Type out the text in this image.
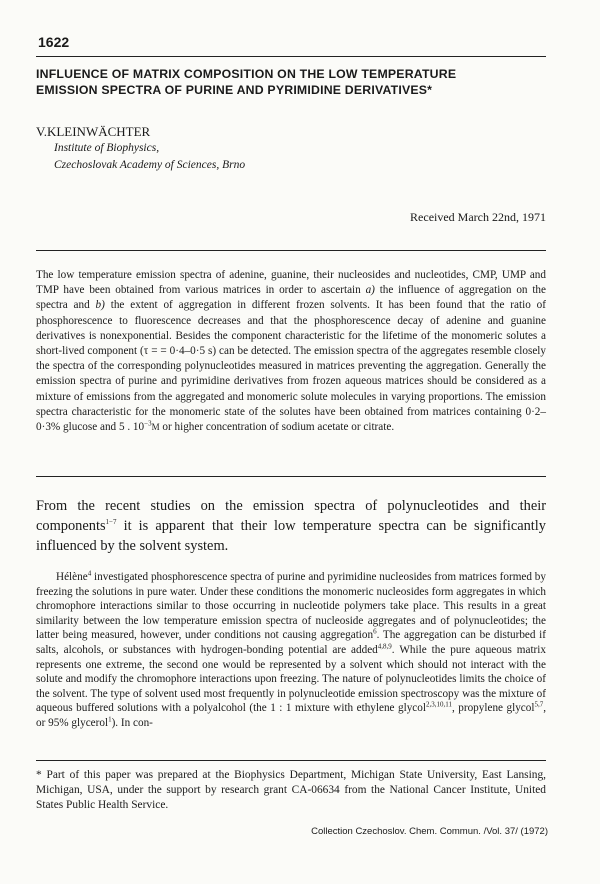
1622
INFLUENCE OF MATRIX COMPOSITION ON THE LOW TEMPERATURE
EMISSION SPECTRA OF PURINE AND PYRIMIDINE DERIVATIVES*
V.KLEINWÄCHTER
Institute of Biophysics,
Czechoslovak Academy of Sciences, Brno
Received March 22nd, 1971
The low temperature emission spectra of adenine, guanine, their nucleosides and nucleotides, CMP, UMP and TMP have been obtained from various matrices in order to ascertain a) the influence of aggregation on the spectra and b) the extent of aggregation in different frozen solvents. It has been found that the ratio of phosphorescence to fluorescence decreases and that the phosphorescence decay of adenine and guanine derivatives is nonexponential. Besides the component characteristic for the lifetime of the monomeric solutes a short-lived component (τ = = 0·4–0·5 s) can be detected. The emission spectra of the aggregates resemble closely the spectra of the corresponding polynucleotides measured in matrices preventing the aggregation. Generally the emission spectra of purine and pyrimidine derivatives from frozen aqueous matrices should be considered as a mixture of emissions from the aggregated and monomeric solute molecules in varying proportions. The emission spectra characteristic for the monomeric state of the solutes have been obtained from matrices containing 0·2–0·3% glucose and 5 . $10^{-3}M$ or higher concentration of sodium acetate or citrate.
From the recent studies on the emission spectra of polynucleotides and their components$^{1-7}$ it is apparent that their low temperature spectra can be significantly influenced by the solvent system.

Hélène$^4$ investigated phosphorescence spectra of purine and pyrimidine nucleosides from matrices formed by freezing the solutions in pure water. Under these conditions the monomeric nucleosides form aggregates in which chromophore interactions similar to those occurring in nucleotide polymers take place. This results in a great similarity between the low temperature emission spectra of nucleoside aggregates and of polynucleotides; the latter being measured, however, under conditions not causing aggregation$^6$. The aggregation can be disturbed if salts, alcohols, or substances with hydrogen-bonding potential are added$^{4,8,9}$. While the pure aqueous matrix represents one extreme, the second one would be represented by a solvent which should not interact with the solute and modify the chromophore interactions upon freezing. The nature of polynucleotides limits the choice of the solvent. The type of solvent used most frequently in polynucleotide emission spectroscopy was the mixture of aqueous buffered solutions with a polyalcohol (the 1 : 1 mixture with ethylene glycol$^{2,3,10,11}$, propylene glycol$^{5,7}$, or 95% glycerol$^1$). In con-

* Part of this paper was prepared at the Biophysics Department, Michigan State University, East Lansing, Michigan, USA, under the support by research grant CA-06634 from the National Cancer Institute, United States Public Health Service.
Collection Czechoslov. Chem. Commun. /Vol. 37/ (1972)
